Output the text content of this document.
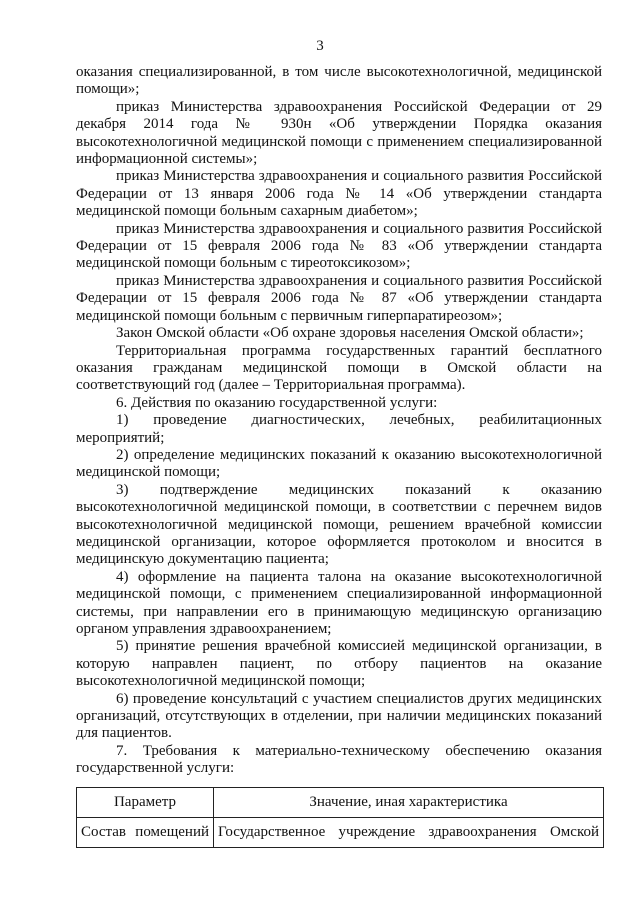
3

оказания специализированной, в том числе высокотехнологичной, медицинской помощи»;

приказ Министерства здравоохранения Российской Федерации от 29 декабря 2014 года № 930н «Об утверждении Порядка оказания высокотехнологичной медицинской помощи с применением специализированной информационной системы»;

приказ Министерства здравоохранения и социального развития Российской Федерации от 13 января 2006 года № 14 «Об утверждении стандарта медицинской помощи больным сахарным диабетом»;

приказ Министерства здравоохранения и социального развития Российской Федерации от 15 февраля 2006 года № 83 «Об утверждении стандарта медицинской помощи больным с тиреотоксикозом»;

приказ Министерства здравоохранения и социального развития Российской Федерации от 15 февраля 2006 года № 87 «Об утверждении стандарта медицинской помощи больным с первичным гиперпаратиреозом»;

Закон Омской области «Об охране здоровья населения Омской области»;

Территориальная программа государственных гарантий бесплатного оказания гражданам медицинской помощи в Омской области на соответствующий год (далее – Территориальная программа).

6. Действия по оказанию государственной услуги:

1) проведение диагностических, лечебных, реабилитационных мероприятий;

2) определение медицинских показаний к оказанию высокотехнологичной медицинской помощи;

3) подтверждение медицинских показаний к оказанию высокотехнологичной медицинской помощи, в соответствии с перечнем видов высокотехнологичной медицинской помощи, решением врачебной комиссии медицинской организации, которое оформляется протоколом и вносится в медицинскую документацию пациента;

4) оформление на пациента талона на оказание высокотехнологичной медицинской помощи, с применением специализированной информационной системы, при направлении его в принимающую медицинскую организацию органом управления здравоохранением;

5) принятие решения врачебной комиссией медицинской организации, в которую направлен пациент, по отбору пациентов на оказание высокотехнологичной медицинской помощи;

6) проведение консультаций с участием специалистов других медицинских организаций, отсутствующих в отделении, при наличии медицинских показаний для пациентов.

7. Требования к материально-техническому обеспечению оказания государственной услуги:

Параметр	Значение, иная характеристика
Состав помещений	Государственное учреждение здравоохранения Омской
